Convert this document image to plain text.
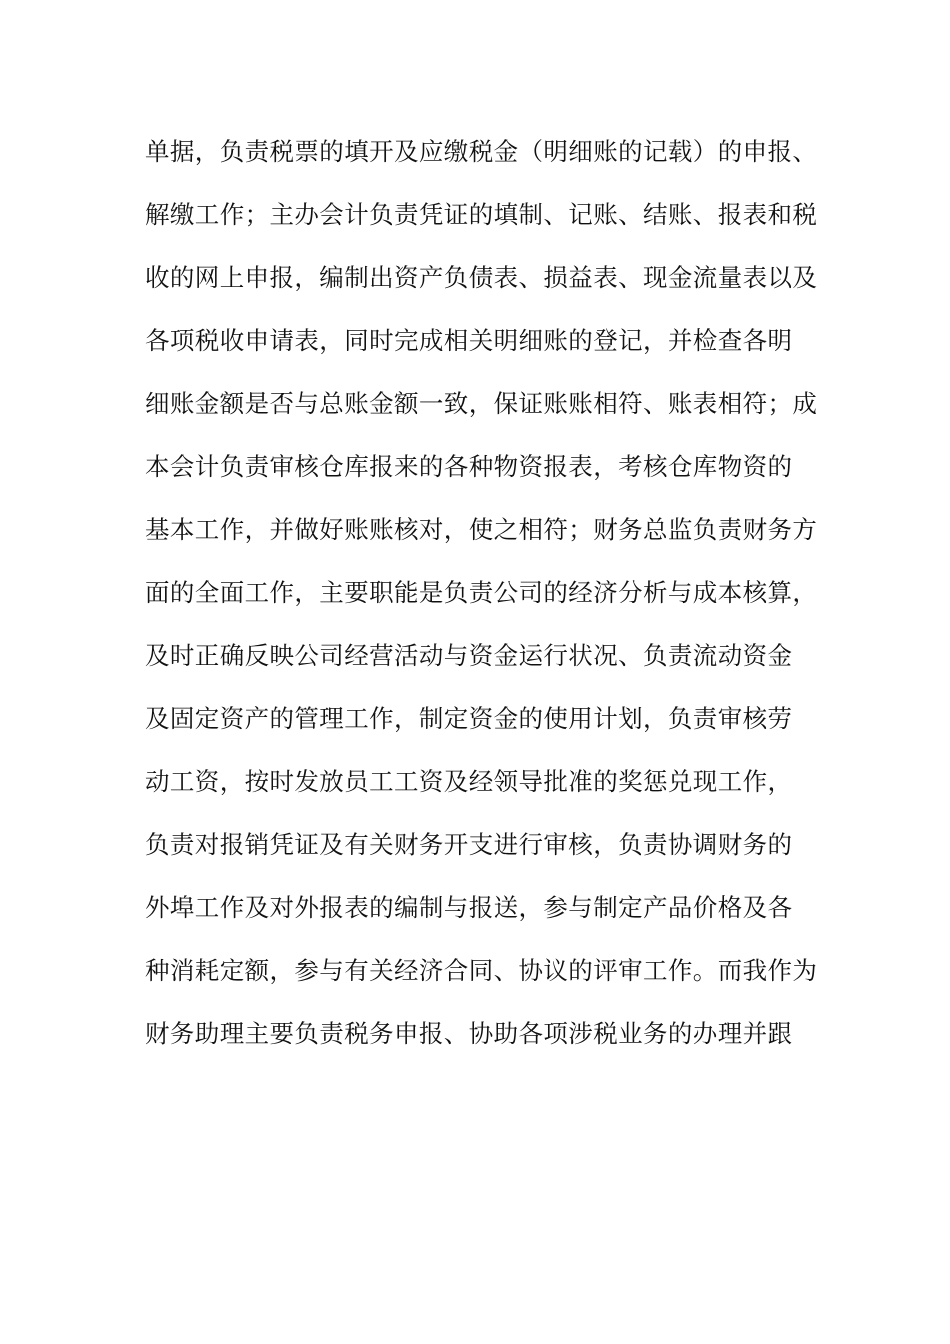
单据，负责税票的填开及应缴税金（明细账的记载）的申报、
解缴工作；主办会计负责凭证的填制、记账、结账、报表和税
收的网上申报，编制出资产负债表、损益表、现金流量表以及
各项税收申请表，同时完成相关明细账的登记，并检查各明
细账金额是否与总账金额一致，保证账账相符、账表相符；成
本会计负责审核仓库报来的各种物资报表，考核仓库物资的
基本工作，并做好账账核对，使之相符；财务总监负责财务方
面的全面工作，主要职能是负责公司的经济分析与成本核算，
及时正确反映公司经营活动与资金运行状况、负责流动资金
及固定资产的管理工作，制定资金的使用计划，负责审核劳
动工资，按时发放员工工资及经领导批准的奖惩兑现工作，
负责对报销凭证及有关财务开支进行审核，负责协调财务的
外埠工作及对外报表的编制与报送，参与制定产品价格及各
种消耗定额，参与有关经济合同、协议的评审工作。而我作为
财务助理主要负责税务申报、协助各项涉税业务的办理并跟
